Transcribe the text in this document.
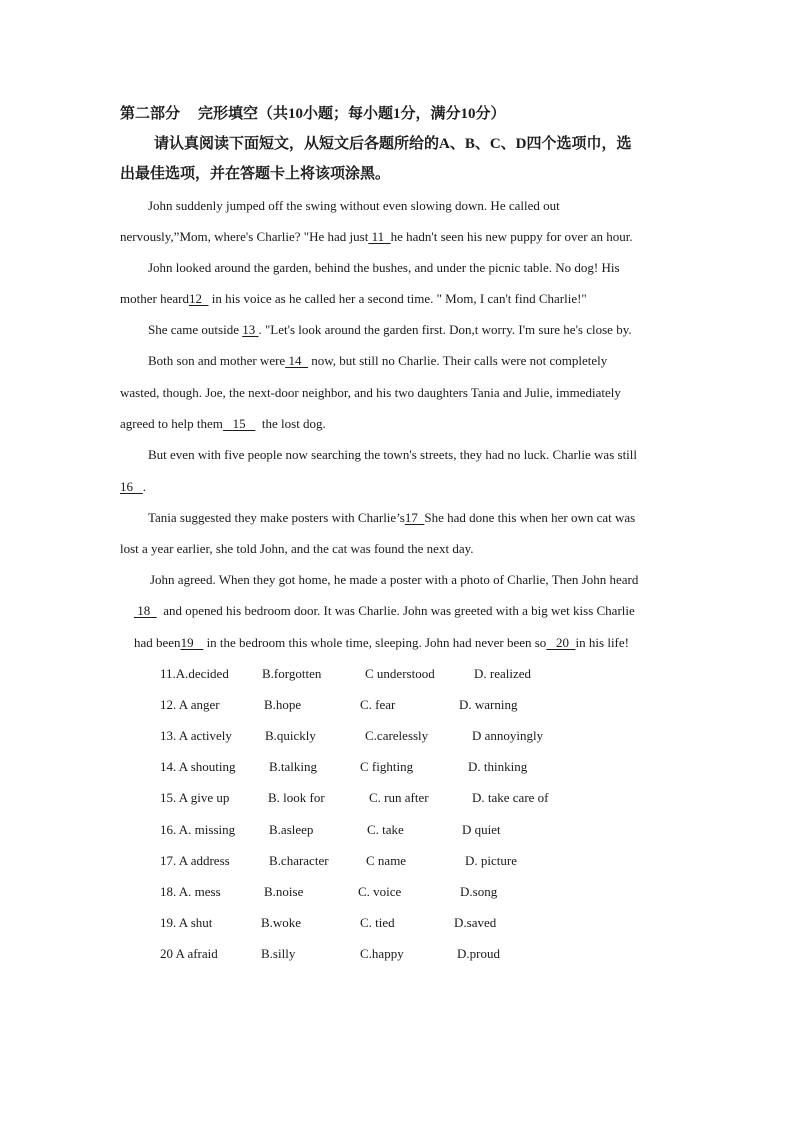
第二部分 完形填空（共10小题；每小题1分，满分10分）
请认真阅读下面短文，从短文后各题所给的A、B、C、D四个选项巾，选
出最佳选项，并在答题卡上将该项涂黑。
John suddenly jumped off the swing without even slowing down. He called out
nervously,”Mom, where's Charlie? "He had just 11 he hadn't seen his new puppy for over an hour.
John looked around the garden, behind the bushes, and under the picnic table. No dog! His
mother heard12 in his voice as he called her a second time. " Mom, I can't find Charlie!"
She came outside 13 . "Let's look around the garden first. Don,t worry. I'm sure he's close by.
Both son and mother were 14 now, but still no Charlie. Their calls were not completely
wasted, though. Joe, the next-door neighbor, and his two daughters Tania and Julie, immediately
agreed to help them 15 the lost dog.
But even with five people now searching the town's streets, they had no luck. Charlie was still
16 .
Tania suggested they make posters with Charlie’s17 She had done this when her own cat was
lost a year earlier, she told John, and the cat was found the next day.
John agreed. When they got home, he made a poster with a photo of Charlie, Then John heard
18 and opened his bedroom door. It was Charlie. John was greeted with a big wet kiss Charlie
had been19 in the bedroom this whole time, sleeping. John had never been so 20 in his life!
11.A.decided	B.forgotten	C understood	D. realized
12. A anger	B.hope	C. fear	D. warning
13. A actively	B.quickly	C.carelessly	D annoyingly
14. A shouting	B.talking	C fighting	D. thinking
15. A give up	B. look for	C. run after	D. take care of
16. A. missing	B.asleep	C. take	D quiet
17. A address	B.character	C name	D. picture
18. A. mess	B.noise	C. voice	D.song
19. A shut	B.woke	C. tied	D.saved
20 A afraid	B.silly	C.happy	D.proud
